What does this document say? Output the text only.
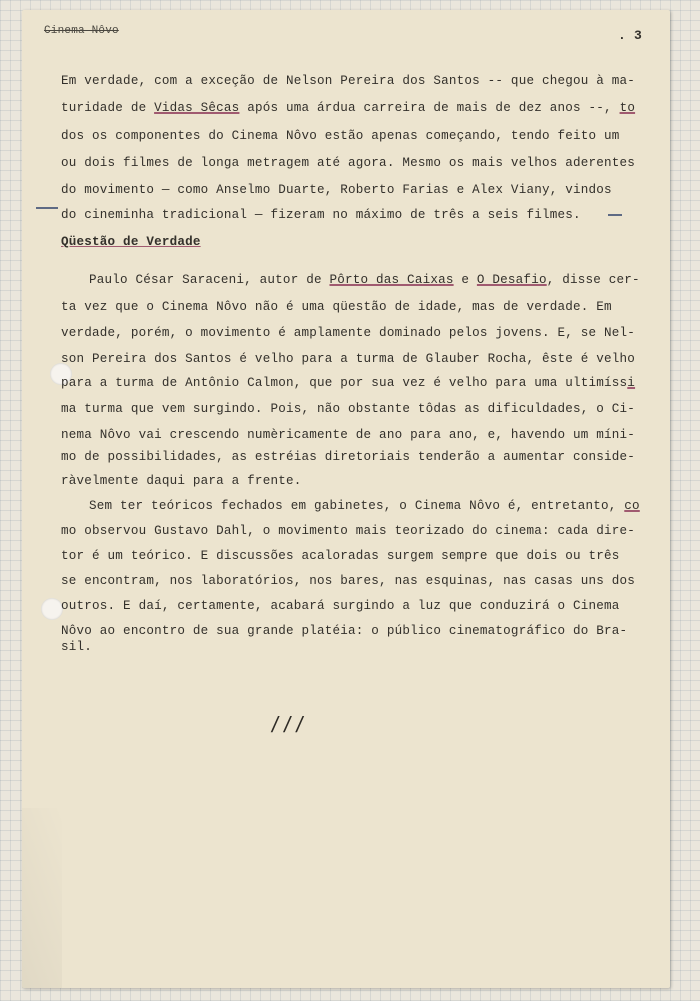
Cinema Nôvo	. 3
Em verdade, com a exceção de Nelson Pereira dos Santos -- que chegou à ma-
turidade de Vidas Sêcas após uma árdua carreira de mais de dez anos --, to
dos os componentes do Cinema Nôvo estão apenas começando, tendo feito um
ou dois filmes de longa metragem até agora. Mesmo os mais velhos aderentes
do movimento — como Anselmo Duarte, Roberto Farias e Alex Viany, vindos
do cineminha tradicional — fizeram no máximo de três a seis filmes.
Qüestão de Verdade
Paulo César Saraceni, autor de Pôrto das Caixas e O Desafio, disse cer-
ta vez que o Cinema Nôvo não é uma qüestão de idade, mas de verdade. Em
verdade, porém, o movimento é amplamente dominado pelos jovens. E, se Nel-
son Pereira dos Santos é velho para a turma de Glauber Rocha, êste é velho
para a turma de Antônio Calmon, que por sua vez é velho para uma ultimíssi
ma turma que vem surgindo. Pois, não obstante tôdas as dificuldades, o Ci-
nema Nôvo vai crescendo numèricamente de ano para ano, e, havendo um míni-
mo de possibilidades, as estréias diretoriais tenderão a aumentar conside-
ràvelmente daqui para a frente.
Sem ter teóricos fechados em gabinetes, o Cinema Nôvo é, entretanto, co
mo observou Gustavo Dahl, o movimento mais teorizado do cinema: cada dire-
tor é um teórico. E discussões acaloradas surgem sempre que dois ou três
se encontram, nos laboratórios, nos bares, nas esquinas, nas casas uns dos
outros. E daí, certamente, acabará surgindo a luz que conduzirá o Cinema
Nôvo ao encontro de sua grande platéia: o público cinematográfico do Bra-
sil.
/ / /
